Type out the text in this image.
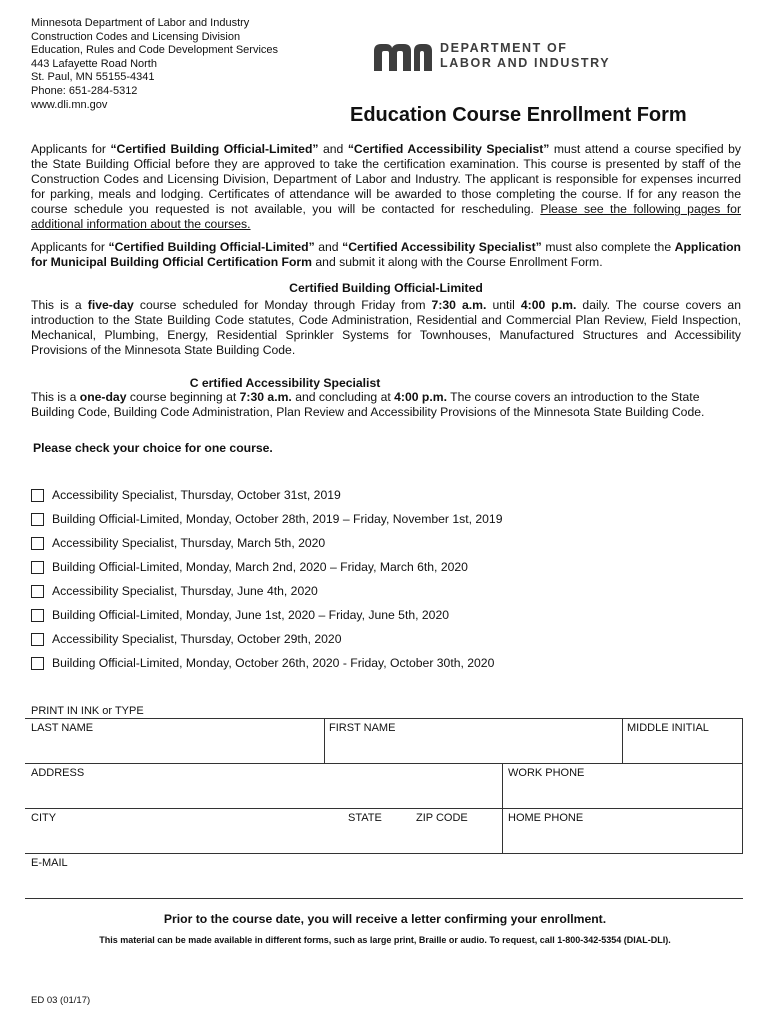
Minnesota Department of Labor and Industry
Construction Codes and Licensing Division
Education, Rules and Code Development Services
443 Lafayette Road North
St. Paul, MN 55155-4341
Phone: 651-284-5312
www.dli.mn.gov
DEPARTMENT OF
LABOR AND INDUSTRY
Education Course Enrollment Form
Applicants for “Certified Building Official-Limited” and “Certified Accessibility Specialist” must attend a course specified by the State Building Official before they are approved to take the certification examination. This course is presented by staff of the Construction Codes and Licensing Division, Department of Labor and Industry. The applicant is responsible for expenses incurred for parking, meals and lodging. Certificates of attendance will be awarded to those completing the course. If for any reason the course schedule you requested is not available, you will be contacted for rescheduling. Please see the following pages for additional information about the courses.
Applicants for “Certified Building Official-Limited” and “Certified Accessibility Specialist” must also complete the Application for Municipal Building Official Certification Form and submit it along with the Course Enrollment Form.
Certified Building Official-Limited
This is a five-day course scheduled for Monday through Friday from 7:30 a.m. until 4:00 p.m. daily. The course covers an introduction to the State Building Code statutes, Code Administration, Residential and Commercial Plan Review, Field Inspection, Mechanical, Plumbing, Energy, Residential Sprinkler Systems for Townhouses, Manufactured Structures and Accessibility Provisions of the Minnesota State Building Code.
C ertified Accessibility Specialist
This is a one-day course beginning at 7:30 a.m. and concluding at 4:00 p.m. The course covers an introduction to the State Building Code, Building Code Administration, Plan Review and Accessibility Provisions of the Minnesota State Building Code.
Please check your choice for one course.
Accessibility Specialist, Thursday, October 31st, 2019
Building Official-Limited, Monday, October 28th, 2019 – Friday, November 1st, 2019
Accessibility Specialist, Thursday, March 5th, 2020
Building Official-Limited, Monday, March 2nd, 2020 – Friday, March 6th, 2020
Accessibility Specialist, Thursday, June 4th, 2020
Building Official-Limited, Monday, June 1st, 2020 – Friday, June 5th, 2020
Accessibility Specialist, Thursday, October 29th, 2020
Building Official-Limited, Monday, October 26th, 2020 - Friday, October 30th, 2020
PRINT IN INK or TYPE
LAST NAME	FIRST NAME	MIDDLE INITIAL
ADDRESS	WORK PHONE
CITY	STATE	ZIP CODE	HOME PHONE
E-MAIL
Prior to the course date, you will receive a letter confirming your enrollment.
This material can be made available in different forms, such as large print, Braille or audio. To request, call 1-800-342-5354 (DIAL-DLI).
ED 03 (01/17)
